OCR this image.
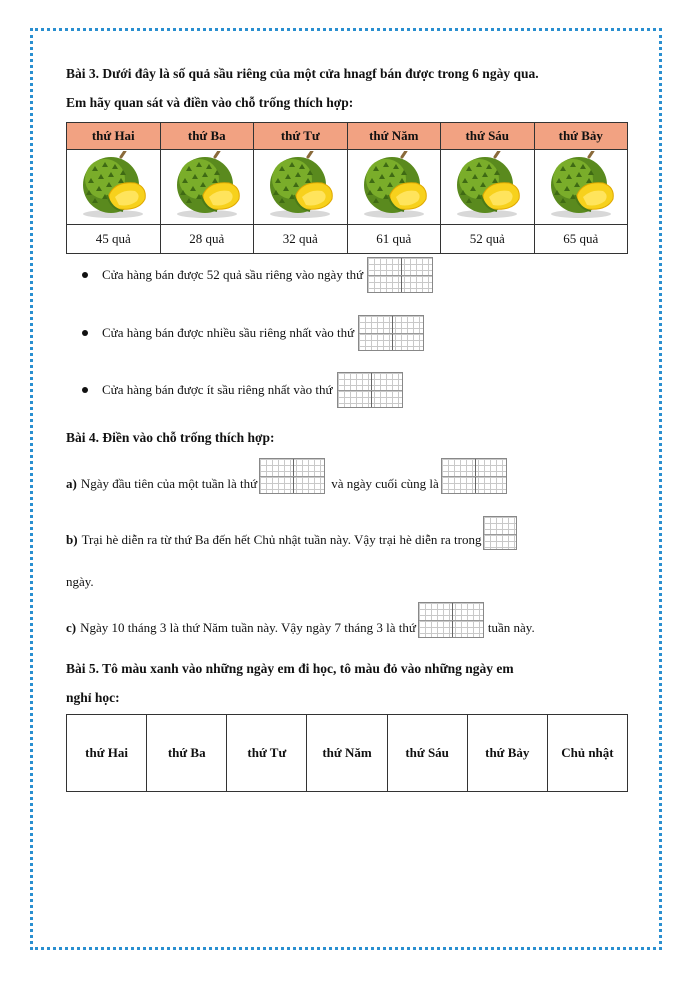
Bài 3. Dưới đây là số quả sầu riêng của một cửa hnagf bán được trong 6 ngày qua.
Em hãy quan sát và điền vào chỗ trống thích hợp:
thứ Hai	thứ Ba	thứ Tư	thứ Năm	thứ Sáu	thứ Bảy

45 quả	28 quả	32 quả	61 quả	52 quả	65 quả
Cửa hàng bán được 52 quả sầu riêng vào ngày thứ
Cửa hàng bán được nhiều sầu riêng nhất vào thứ
Cửa hàng bán được ít sầu riêng nhất vào thứ
Bài 4. Điền vào chỗ trống thích hợp:
a) Ngày đầu tiên của một tuần là thứ	và ngày cuối cùng là
b) Trại hè diễn ra từ thứ Ba đến hết Chủ nhật tuần này. Vậy trại hè diễn ra trong
ngày.
c) Ngày 10 tháng 3 là thứ Năm tuần này. Vậy ngày 7 tháng 3 là thứ	tuần này.
Bài 5. Tô màu xanh vào những ngày em đi học, tô màu đỏ vào những ngày em
nghỉ học:
thứ Hai	thứ Ba	thứ Tư	thứ Năm	thứ Sáu	thứ Bảy	Chủ nhật
